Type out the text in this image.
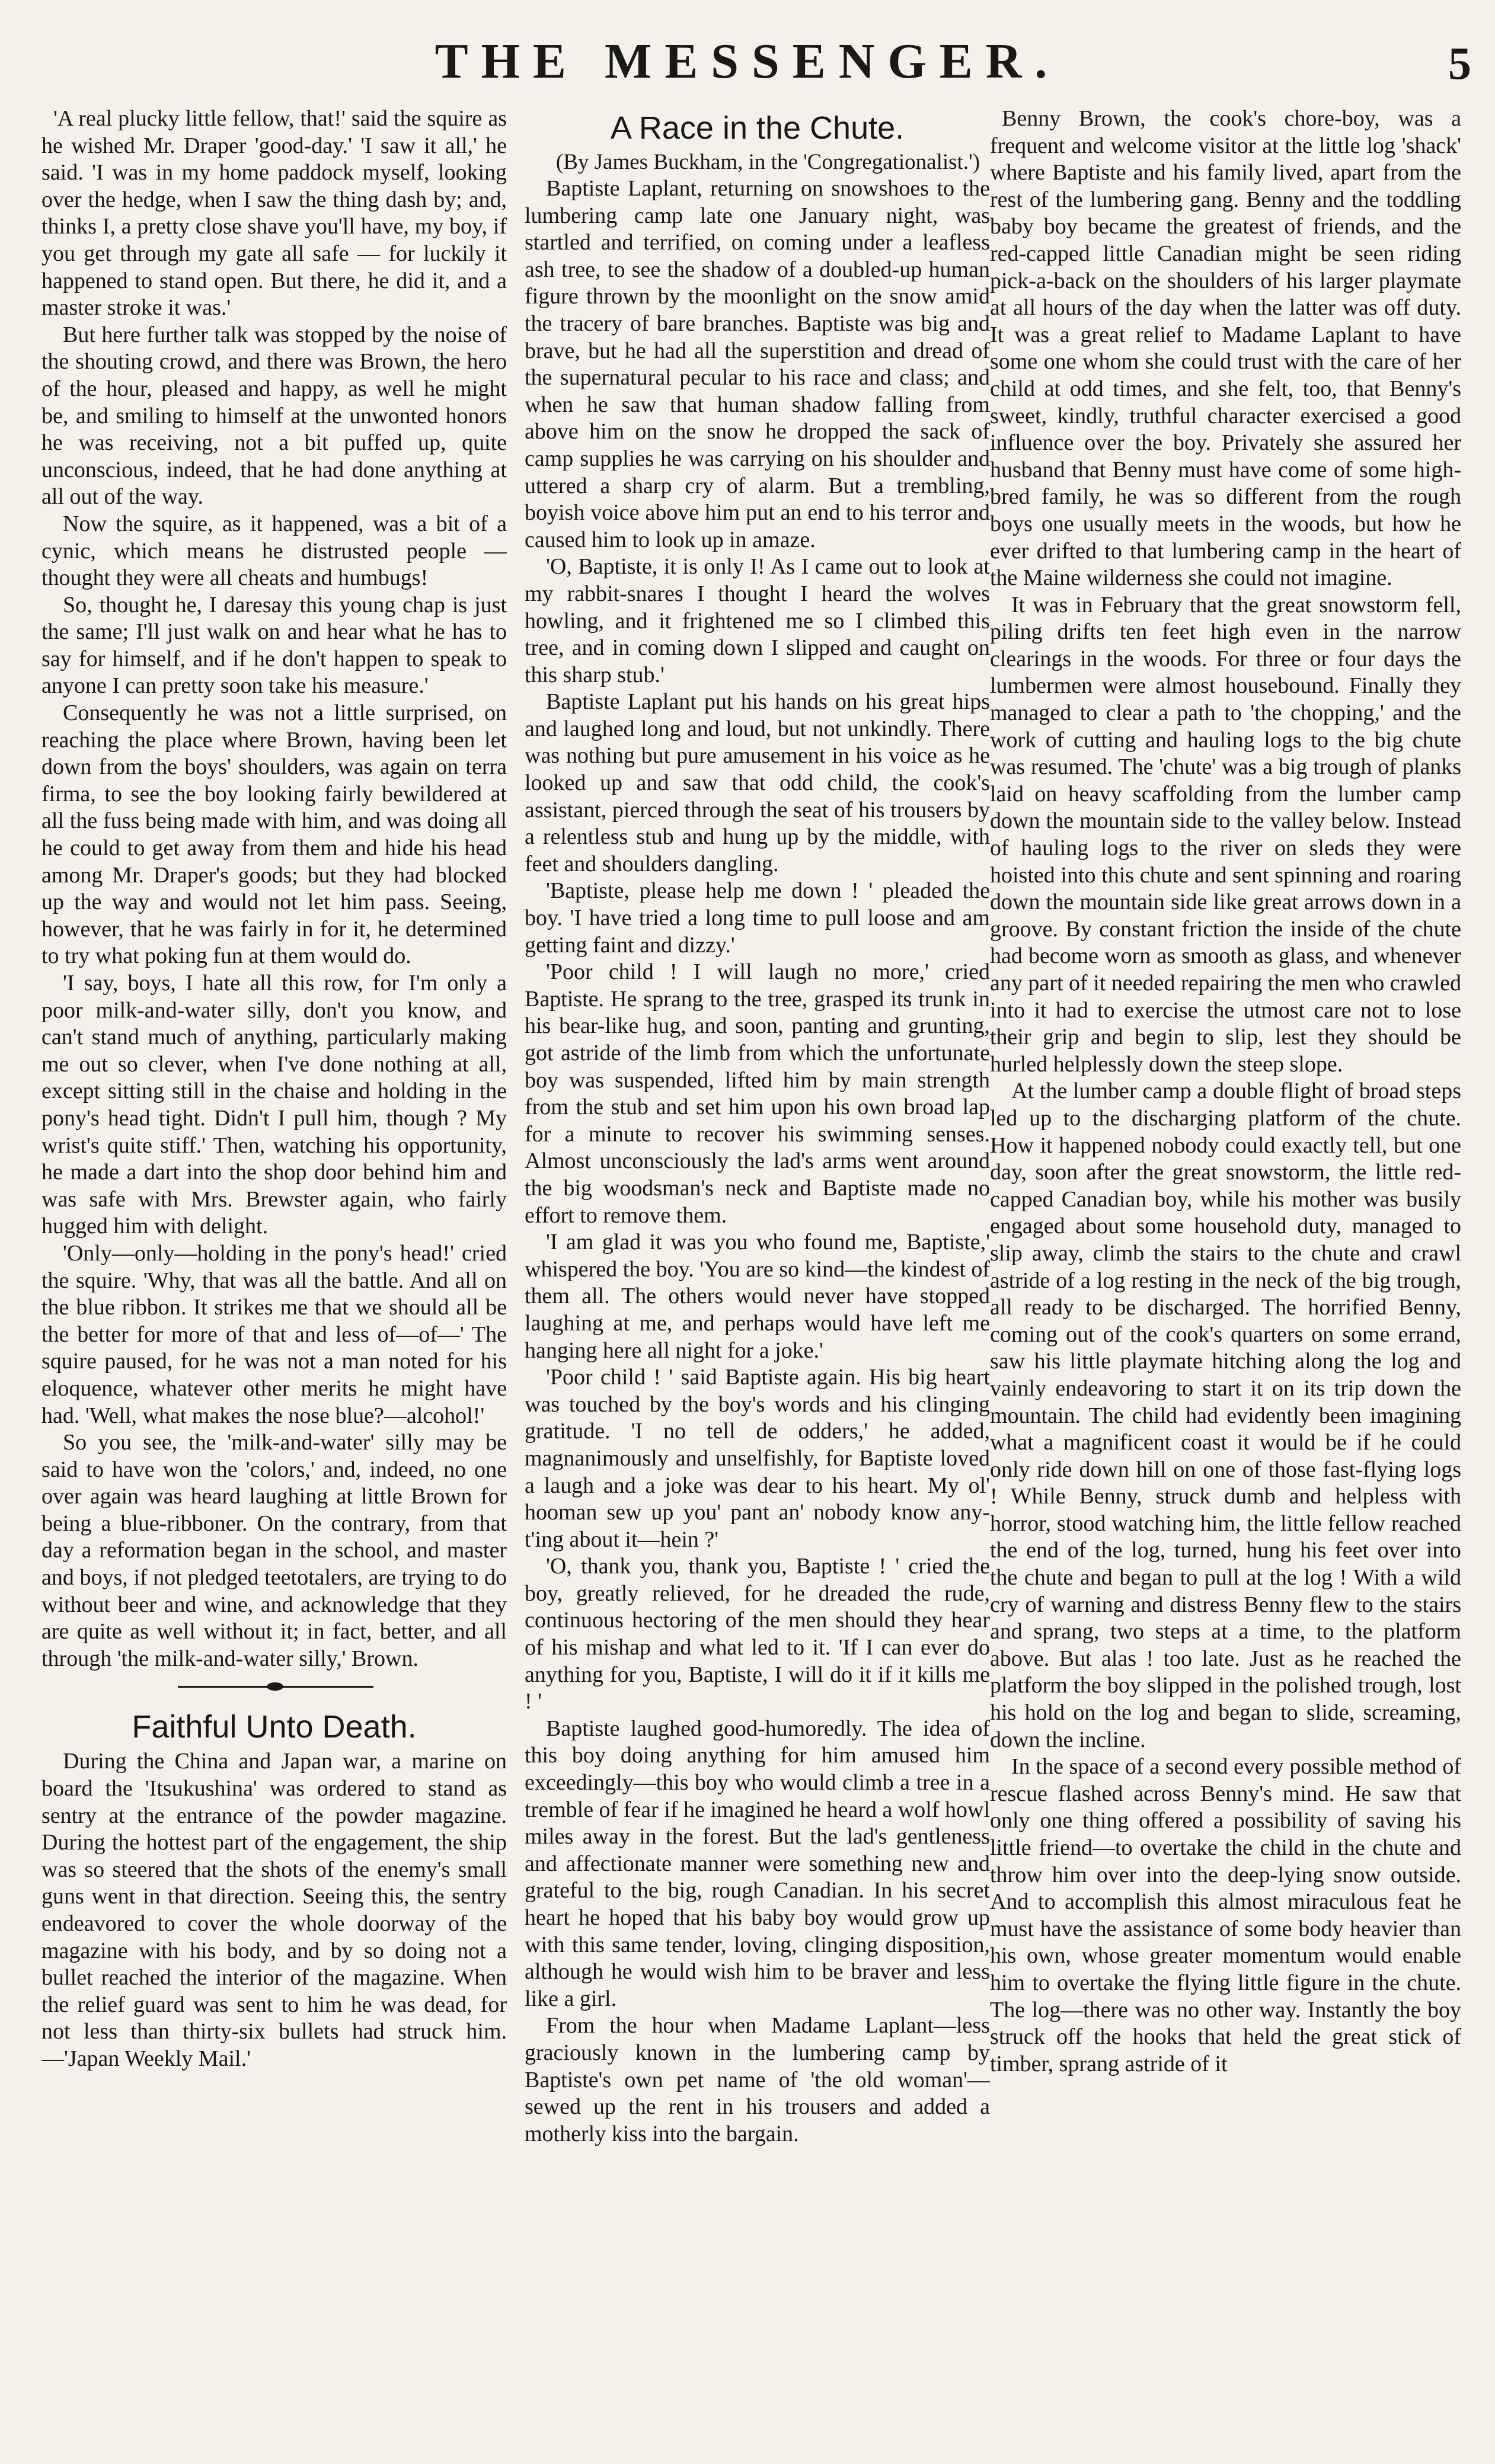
THE MESSENGER.	5

'A real plucky little fellow, that!' said the squire as he wished Mr. Draper 'good-day.' 'I saw it all,' he said. 'I was in my home paddock myself, looking over the hedge, when I saw the thing dash by; and, thinks I, a pretty close shave you'll have, my boy, if you get through my gate all safe — for luckily it happened to stand open. But there, he did it, and a master stroke it was.'

But here further talk was stopped by the noise of the shouting crowd, and there was Brown, the hero of the hour, pleased and happy, as well he might be, and smiling to himself at the unwonted honors he was receiving, not a bit puffed up, quite unconscious, indeed, that he had done anything at all out of the way.

Now the squire, as it happened, was a bit of a cynic, which means he distrusted people — thought they were all cheats and humbugs!

So, thought he, I daresay this young chap is just the same; I'll just walk on and hear what he has to say for himself, and if he don't happen to speak to anyone I can pretty soon take his measure.'

Consequently he was not a little surprised, on reaching the place where Brown, having been let down from the boys' shoulders, was again on terra firma, to see the boy looking fairly bewildered at all the fuss being made with him, and was doing all he could to get away from them and hide his head among Mr. Draper's goods; but they had blocked up the way and would not let him pass. Seeing, however, that he was fairly in for it, he determined to try what poking fun at them would do.

'I say, boys, I hate all this row, for I'm only a poor milk-and-water silly, don't you know, and can't stand much of anything, particularly making me out so clever, when I've done nothing at all, except sitting still in the chaise and holding in the pony's head tight. Didn't I pull him, though ? My wrist's quite stiff.' Then, watching his opportunity, he made a dart into the shop door behind him and was safe with Mrs. Brewster again, who fairly hugged him with delight.

'Only—only—holding in the pony's head!' cried the squire. 'Why, that was all the battle. And all on the blue ribbon. It strikes me that we should all be the better for more of that and less of—of—' The squire paused, for he was not a man noted for his eloquence, whatever other merits he might have had. 'Well, what makes the nose blue?—alcohol!'

So you see, the 'milk-and-water' silly may be said to have won the 'colors,' and, indeed, no one over again was heard laughing at little Brown for being a blue-ribboner. On the contrary, from that day a reformation began in the school, and master and boys, if not pledged teetotalers, are trying to do without beer and wine, and acknowledge that they are quite as well without it; in fact, better, and all through 'the milk-and-water silly,' Brown.

Faithful Unto Death.

During the China and Japan war, a marine on board the 'Itsukushina' was ordered to stand as sentry at the entrance of the powder magazine. During the hottest part of the engagement, the ship was so steered that the shots of the enemy's small guns went in that direction. Seeing this, the sentry endeavored to cover the whole doorway of the magazine with his body, and by so doing not a bullet reached the interior of the magazine. When the relief guard was sent to him he was dead, for not less than thirty-six bullets had struck him.—'Japan Weekly Mail.'

A Race in the Chute.

(By James Buckham, in the 'Congregationalist.')

Baptiste Laplant, returning on snowshoes to the lumbering camp late one January night, was startled and terrified, on coming under a leafless ash tree, to see the shadow of a doubled-up human figure thrown by the moonlight on the snow amid the tracery of bare branches. Baptiste was big and brave, but he had all the superstition and dread of the supernatural pecular to his race and class; and when he saw that human shadow falling from above him on the snow he dropped the sack of camp supplies he was carrying on his shoulder and uttered a sharp cry of alarm. But a trembling, boyish voice above him put an end to his terror and caused him to look up in amaze.

'O, Baptiste, it is only I! As I came out to look at my rabbit-snares I thought I heard the wolves howling, and it frightened me so I climbed this tree, and in coming down I slipped and caught on this sharp stub.'

Baptiste Laplant put his hands on his great hips and laughed long and loud, but not unkindly. There was nothing but pure amusement in his voice as he looked up and saw that odd child, the cook's assistant, pierced through the seat of his trousers by a relentless stub and hung up by the middle, with feet and shoulders dangling.

'Baptiste, please help me down ! ' pleaded the boy. 'I have tried a long time to pull loose and am getting faint and dizzy.'

'Poor child ! I will laugh no more,' cried Baptiste. He sprang to the tree, grasped its trunk in his bear-like hug, and soon, panting and grunting, got astride of the limb from which the unfortunate boy was suspended, lifted him by main strength from the stub and set him upon his own broad lap for a minute to recover his swimming senses. Almost unconsciously the lad's arms went around the big woodsman's neck and Baptiste made no effort to remove them.

'I am glad it was you who found me, Baptiste,' whispered the boy. 'You are so kind—the kindest of them all. The others would never have stopped laughing at me, and perhaps would have left me hanging here all night for a joke.'

'Poor child ! ' said Baptiste again. His big heart was touched by the boy's words and his clinging gratitude. 'I no tell de odders,' he added, magnanimously and unselfishly, for Baptiste loved a laugh and a joke was dear to his heart. My ol' hooman sew up you' pant an' nobody know any-t'ing about it—hein ?'

'O, thank you, thank you, Baptiste ! ' cried the boy, greatly relieved, for he dreaded the rude, continuous hectoring of the men should they hear of his mishap and what led to it. 'If I can ever do anything for you, Baptiste, I will do it if it kills me ! '

Baptiste laughed good-humoredly. The idea of this boy doing anything for him amused him exceedingly—this boy who would climb a tree in a tremble of fear if he imagined he heard a wolf howl miles away in the forest. But the lad's gentleness and affectionate manner were something new and grateful to the big, rough Canadian. In his secret heart he hoped that his baby boy would grow up with this same tender, loving, clinging disposition, although he would wish him to be braver and less like a girl.

From the hour when Madame Laplant—less graciously known in the lumbering camp by Baptiste's own pet name of 'the old woman'—sewed up the rent in his trousers and added a motherly kiss into the bargain.

Benny Brown, the cook's chore-boy, was a frequent and welcome visitor at the little log 'shack' where Baptiste and his family lived, apart from the rest of the lumbering gang. Benny and the toddling baby boy became the greatest of friends, and the red-capped little Canadian might be seen riding pick-a-back on the shoulders of his larger playmate at all hours of the day when the latter was off duty. It was a great relief to Madame Laplant to have some one whom she could trust with the care of her child at odd times, and she felt, too, that Benny's sweet, kindly, truthful character exercised a good influence over the boy. Privately she assured her husband that Benny must have come of some high-bred family, he was so different from the rough boys one usually meets in the woods, but how he ever drifted to that lumbering camp in the heart of the Maine wilderness she could not imagine.

It was in February that the great snowstorm fell, piling drifts ten feet high even in the narrow clearings in the woods. For three or four days the lumbermen were almost housebound. Finally they managed to clear a path to 'the chopping,' and the work of cutting and hauling logs to the big chute was resumed. The 'chute' was a big trough of planks laid on heavy scaffolding from the lumber camp down the mountain side to the valley below. Instead of hauling logs to the river on sleds they were hoisted into this chute and sent spinning and roaring down the mountain side like great arrows down in a groove. By constant friction the inside of the chute had become worn as smooth as glass, and whenever any part of it needed repairing the men who crawled into it had to exercise the utmost care not to lose their grip and begin to slip, lest they should be hurled helplessly down the steep slope.

At the lumber camp a double flight of broad steps led up to the discharging platform of the chute. How it happened nobody could exactly tell, but one day, soon after the great snowstorm, the little red-capped Canadian boy, while his mother was busily engaged about some household duty, managed to slip away, climb the stairs to the chute and crawl astride of a log resting in the neck of the big trough, all ready to be discharged. The horrified Benny, coming out of the cook's quarters on some errand, saw his little playmate hitching along the log and vainly endeavoring to start it on its trip down the mountain. The child had evidently been imagining what a magnificent coast it would be if he could only ride down hill on one of those fast-flying logs ! While Benny, struck dumb and helpless with horror, stood watching him, the little fellow reached the end of the log, turned, hung his feet over into the chute and began to pull at the log ! With a wild cry of warning and distress Benny flew to the stairs and sprang, two steps at a time, to the platform above. But alas ! too late. Just as he reached the platform the boy slipped in the polished trough, lost his hold on the log and began to slide, screaming, down the incline.

In the space of a second every possible method of rescue flashed across Benny's mind. He saw that only one thing offered a possibility of saving his little friend—to overtake the child in the chute and throw him over into the deep-lying snow outside. And to accomplish this almost miraculous feat he must have the assistance of some body heavier than his own, whose greater momentum would enable him to overtake the flying little figure in the chute. The log—there was no other way. Instantly the boy struck off the hooks that held the great stick of timber, sprang astride of it
